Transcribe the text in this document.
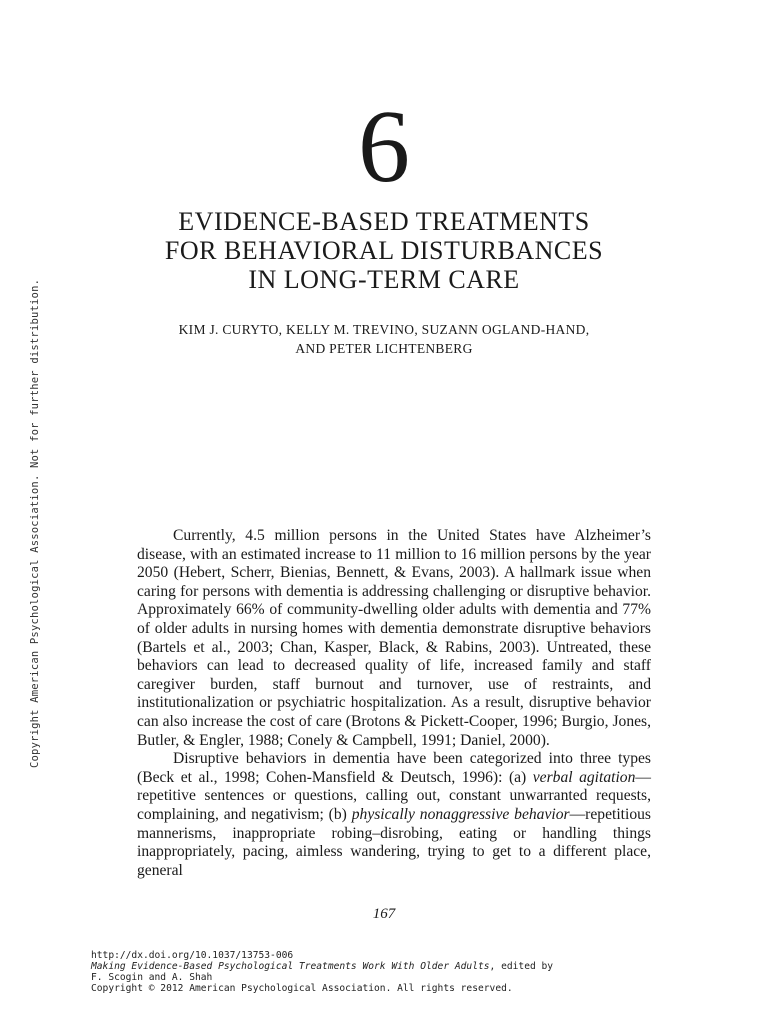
Copyright American Psychological Association. Not for further distribution.
6
EVIDENCE-BASED TREATMENTS
FOR BEHAVIORAL DISTURBANCES
IN LONG-TERM CARE
KIM J. CURYTO, KELLY M. TREVINO, SUZANN OGLAND-HAND,
AND PETER LICHTENBERG

Currently, 4.5 million persons in the United States have Alzheimer’s disease, with an estimated increase to 11 million to 16 million persons by the year 2050 (Hebert, Scherr, Bienias, Bennett, & Evans, 2003). A hallmark issue when caring for persons with dementia is addressing challenging or disruptive behavior. Approximately 66% of community-dwelling older adults with dementia and 77% of older adults in nursing homes with dementia demonstrate disruptive behaviors (Bartels et al., 2003; Chan, Kasper, Black, & Rabins, 2003). Untreated, these behaviors can lead to decreased quality of life, increased family and staff caregiver burden, staff burnout and turnover, use of restraints, and institutionalization or psychiatric hospitalization. As a result, disruptive behavior can also increase the cost of care (Brotons & Pickett-Cooper, 1996; Burgio, Jones, Butler, & Engler, 1988; Conely & Campbell, 1991; Daniel, 2000).

Disruptive behaviors in dementia have been categorized into three types (Beck et al., 1998; Cohen-Mansfield & Deutsch, 1996): (a) verbal agitation—repetitive sentences or questions, calling out, constant unwarranted requests, complaining, and negativism; (b) physically nonaggressive behavior—repetitious mannerisms, inappropriate robing–disrobing, eating or handling things inappropriately, pacing, aimless wandering, trying to get to a different place, general

167
http://dx.doi.org/10.1037/13753-006
Making Evidence-Based Psychological Treatments Work With Older Adults, edited by
F. Scogin and A. Shah
Copyright © 2012 American Psychological Association. All rights reserved.
